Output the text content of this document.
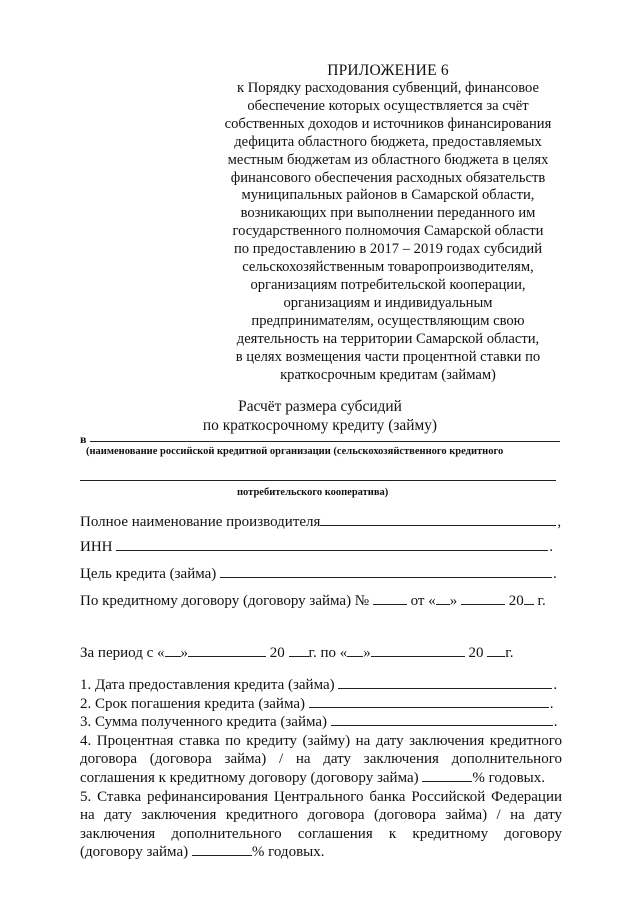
ПРИЛОЖЕНИЕ 6
к Порядку расходования субвенций, финансовое
обеспечение которых осуществляется за счёт
собственных доходов и источников финансирования
дефицита областного бюджета, предоставляемых
местным бюджетам из областного бюджета в целях
финансового обеспечения расходных обязательств
муниципальных районов в Самарской области,
возникающих при выполнении переданного им
государственного полномочия Самарской области
по предоставлению в 2017 – 2019 годах субсидий
сельскохозяйственным товаропроизводителям,
организациям потребительской кооперации,
организациям и индивидуальным
предпринимателям, осуществляющим свою
деятельность на территории Самарской области,
в целях возмещения части процентной ставки по
краткосрочным кредитам (займам)
Расчёт размера субсидий
по краткосрочному кредиту (займу)
в
(наименование российской кредитной организации (сельскохозяйственного кредитного
потребительского кооператива)
Полное наименование производителя	,
ИНН	.
Цель кредита (займа)	.
По кредитному договору (договору займа) №	от « »	20 г.
За период с « »	20 г. по « »	20 г.
1. Дата предоставления кредита (займа)	.
2. Срок погашения кредита (займа)	.
3. Сумма полученного кредита (займа)	.
4. Процентная ставка по кредиту (займу) на дату заключения кредитного договора (договора займа) / на дату заключения дополнительного соглашения к кредитному договору (договору займа)	% годовых.
5. Ставка рефинансирования Центрального банка Российской Федерации на дату заключения кредитного договора (договора займа) / на дату заключения дополнительного соглашения к кредитному договору (договору займа)	% годовых.
